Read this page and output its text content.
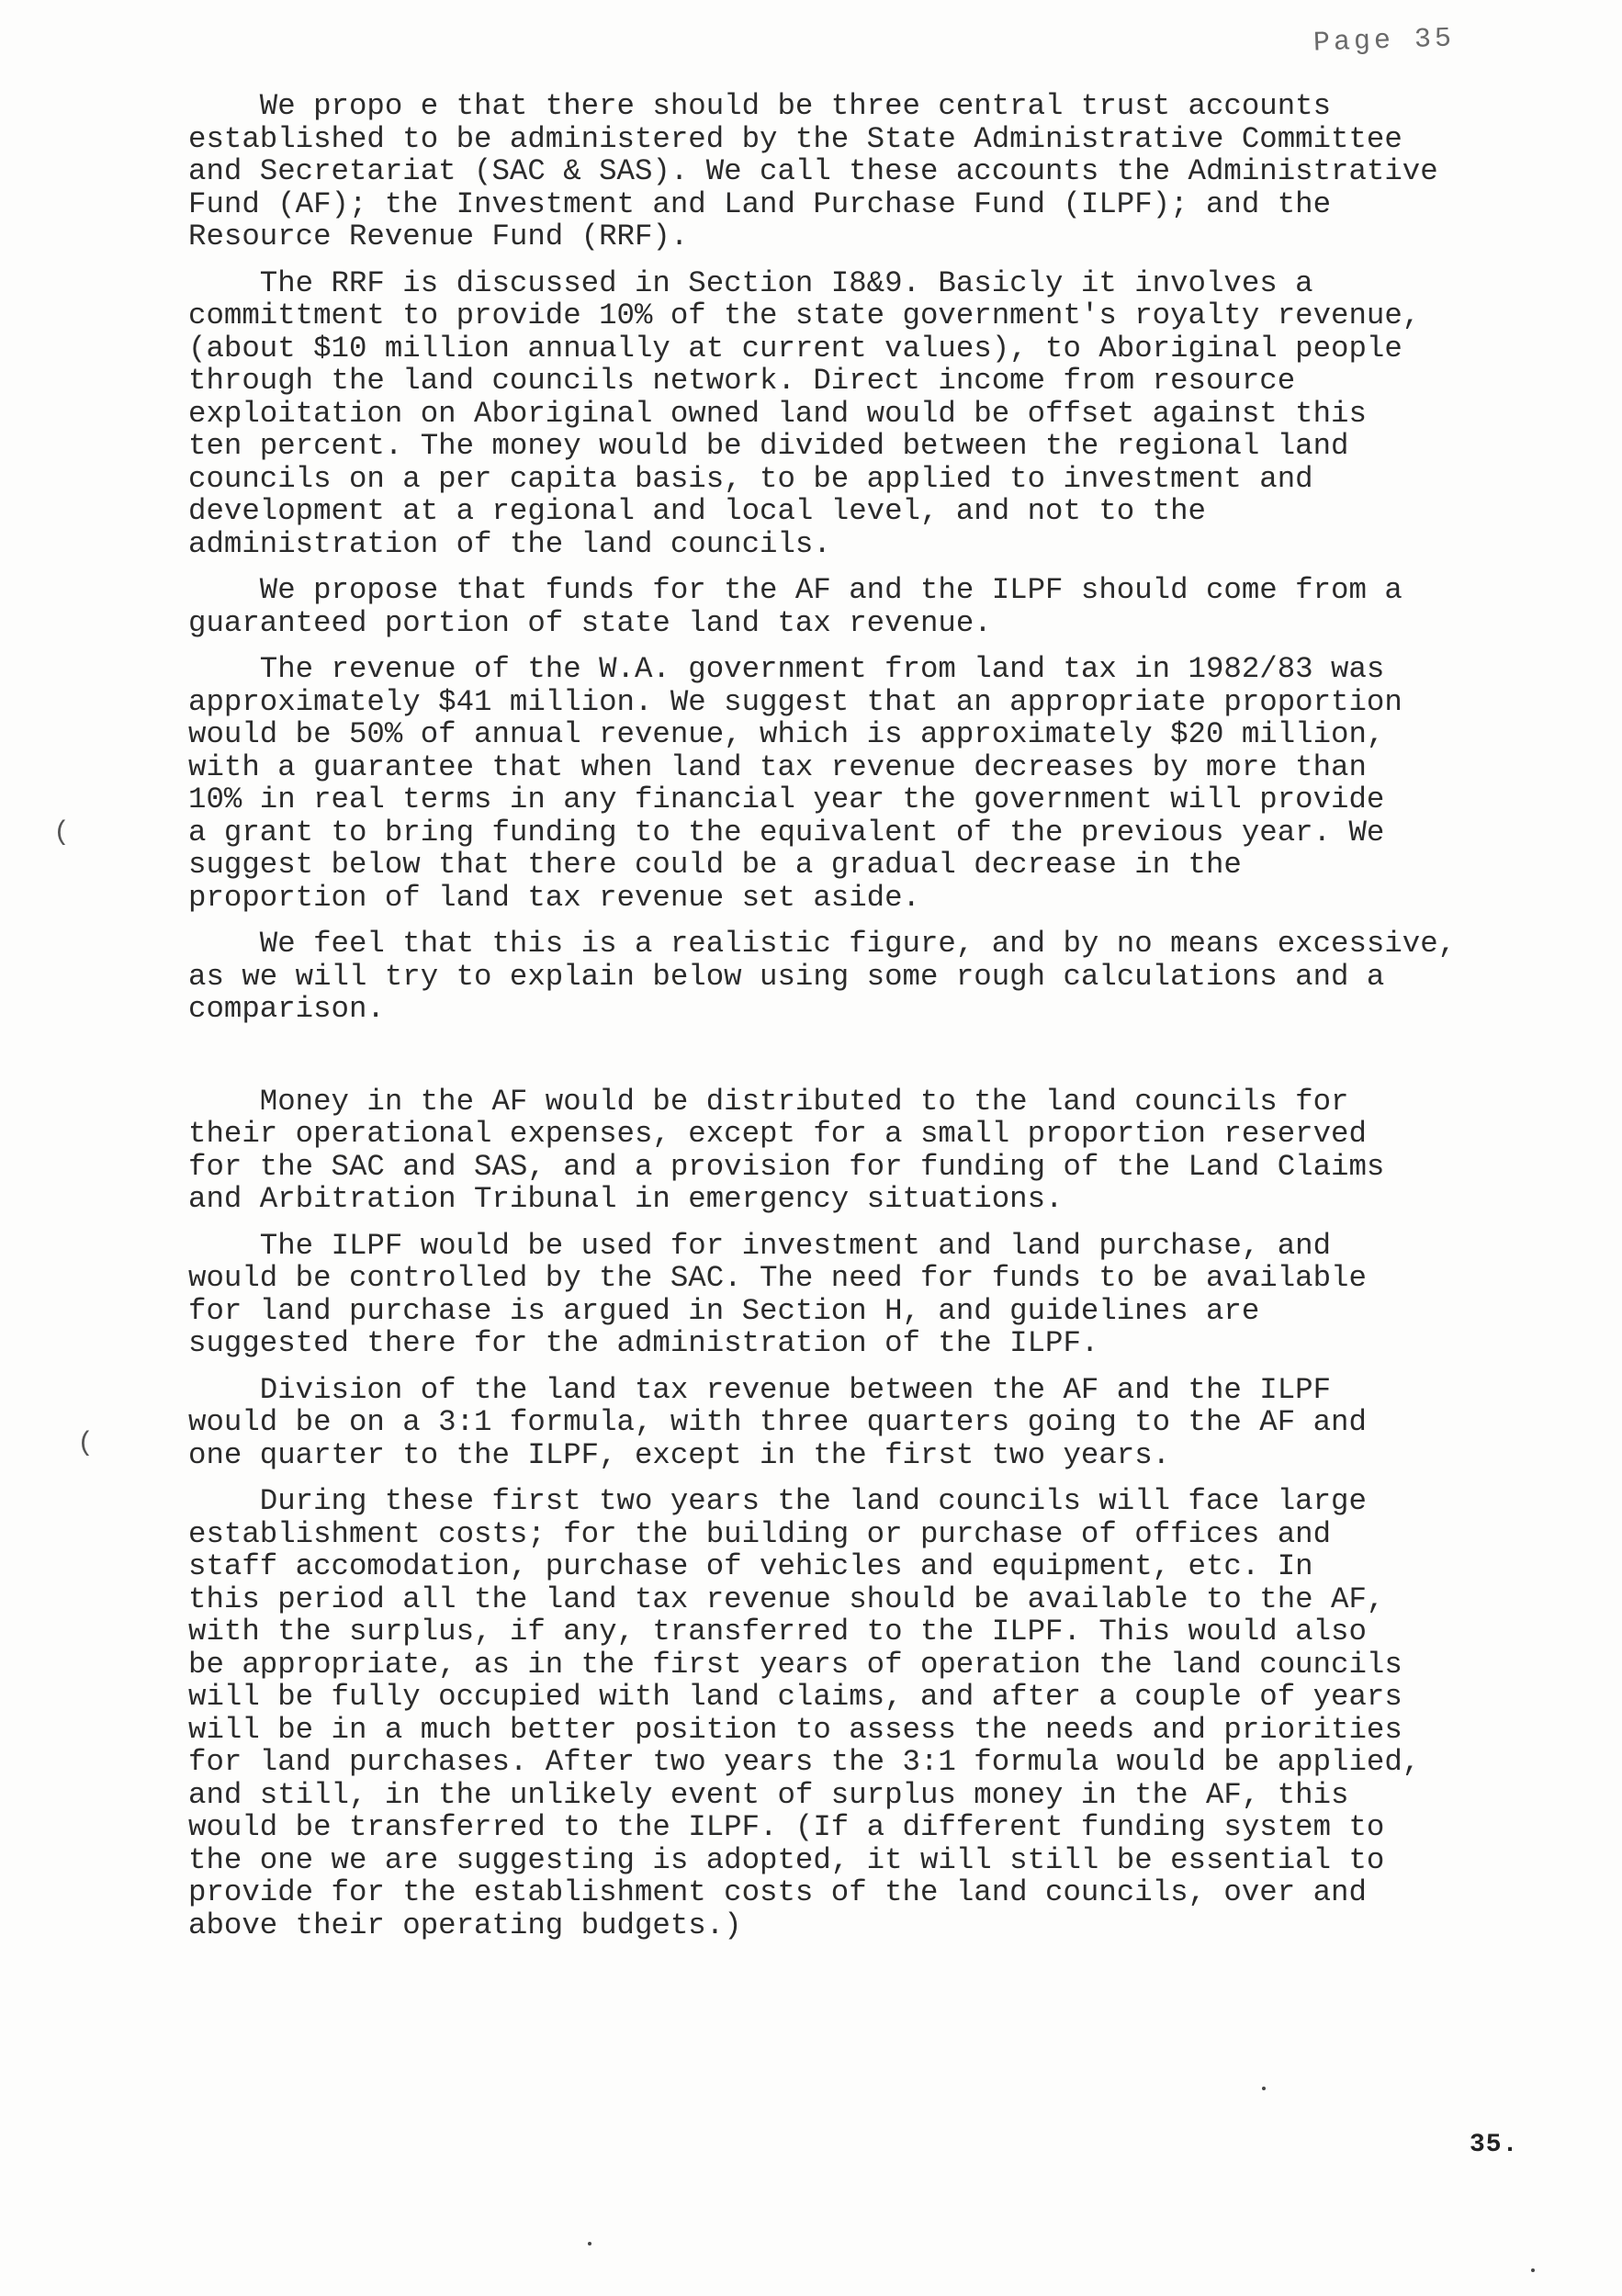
Page 35
We propo e that there should be three central trust accounts
established to be administered by the State Administrative Committee
and Secretariat (SAC & SAS). We call these accounts the Administrative
Fund (AF); the Investment and Land Purchase Fund (ILPF); and the
Resource Revenue Fund (RRF).
The RRF is discussed in Section I8&9. Basicly it involves a
committment to provide 10% of the state government's royalty revenue,
(about $10 million annually at current values), to Aboriginal people
through the land councils network. Direct income from resource
exploitation on Aboriginal owned land would be offset against this
ten percent. The money would be divided between the regional land
councils on a per capita basis, to be applied to investment and
development at a regional and local level, and not to the
administration of the land councils.
We propose that funds for the AF and the ILPF should come from a
guaranteed portion of state land tax revenue.
The revenue of the W.A. government from land tax in 1982/83 was
approximately $41 million. We suggest that an appropriate proportion
would be 50% of annual revenue, which is approximately $20 million,
with a guarantee that when land tax revenue decreases by more than
10% in real terms in any financial year the government will provide
a grant to bring funding to the equivalent of the previous year. We
suggest below that there could be a gradual decrease in the
proportion of land tax revenue set aside.
We feel that this is a realistic figure, and by no means excessive,
as we will try to explain below using some rough calculations and a
comparison.
Money in the AF would be distributed to the land councils for
their operational expenses, except for a small proportion reserved
for the SAC and SAS, and a provision for funding of the Land Claims
and Arbitration Tribunal in emergency situations.
The ILPF would be used for investment and land purchase, and
would be controlled by the SAC. The need for funds to be available
for land purchase is argued in Section H, and guidelines are
suggested there for the administration of the ILPF.
Division of the land tax revenue between the AF and the ILPF
would be on a 3:1 formula, with three quarters going to the AF and
one quarter to the ILPF, except in the first two years.
During these first two years the land councils will face large
establishment costs; for the building or purchase of offices and
staff accomodation, purchase of vehicles and equipment, etc. In
this period all the land tax revenue should be available to the AF,
with the surplus, if any, transferred to the ILPF. This would also
be appropriate, as in the first years of operation the land councils
will be fully occupied with land claims, and after a couple of years
will be in a much better position to assess the needs and priorities
for land purchases. After two years the 3:1 formula would be applied,
and still, in the unlikely event of surplus money in the AF, this
would be transferred to the ILPF. (If a different funding system to
the one we are suggesting is adopted, it will still be essential to
provide for the establishment costs of the land councils, over and
above their operating budgets.)
(
(
35.
